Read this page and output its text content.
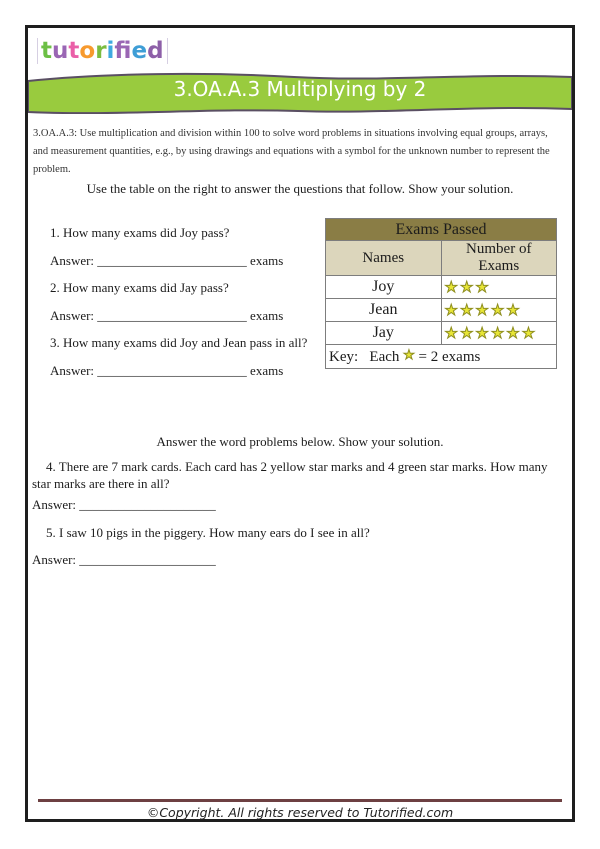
tutorifed
3.OA.A.3 Multiplying by 2

3.OA.A.3: Use multiplication and division within 100 to solve word problems in situations involving equal groups, arrays, and measurement quantities, e.g., by using drawings and equations with a symbol for the unknown number to represent the problem.

Use the table on the right to answer the questions that follow. Show your solution.
1. How many exams did Joy pass?
Answer: _______________________ exams
2. How many exams did Jay pass?
Answer: _______________________ exams
3. How many exams did Joy and Jean pass in all?
Answer: _______________________ exams
Exams Passed	
Names	Number of Exams
Joy	★★★
Jean	★★★★★
Jay	★★★★★★
Key:   Each ★ = 2 exams	
Answer the word problems below. Show your solution.
4. There are 7 mark cards. Each card has 2 yellow star marks and 4 green star marks. How many star marks are there in all?
Answer: _____________________
5. I saw 10 pigs in the piggery. How many ears do I see in all?
Answer: _____________________
©Copyright. All rights reserved to Tutorified.com
